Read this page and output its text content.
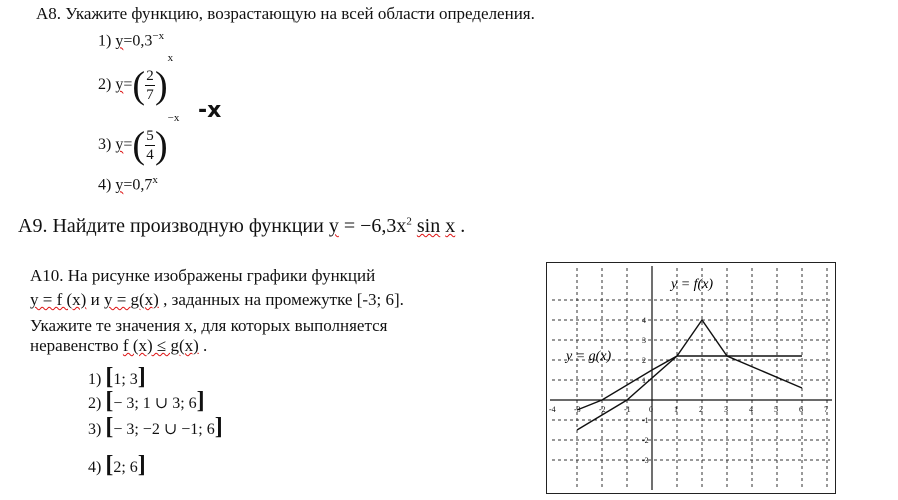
А8. Укажите функцию, возрастающую на всей области определения.
1) $y=0,3^{-x}$
2) $y=( \frac{2}{7} )^x$
3) $y=( \frac{5}{4} )^{-x}$ -x
4) $y=0,7^x$
А9. Найдите производную функции $y = -6,3x^2$ sin x .
А10. На рисунке изображены графики функций
y = f (x) и y = g(x) , заданных на промежутке [-3; 6].
Укажите те значения х, для которых выполняется
неравенство f (x) ≤ g(x) .
1) [1; 3]
2) [− 3; 1 ∪ 3; 6]
3) [− 3; −2 ∪ −1; 6]
4) [2; 6]
-4 -3 -2 -1 0	1	2	3	4	5	6	7
4
3
2
1
-1
-2
-3
y = f(x)
y = g(x)
